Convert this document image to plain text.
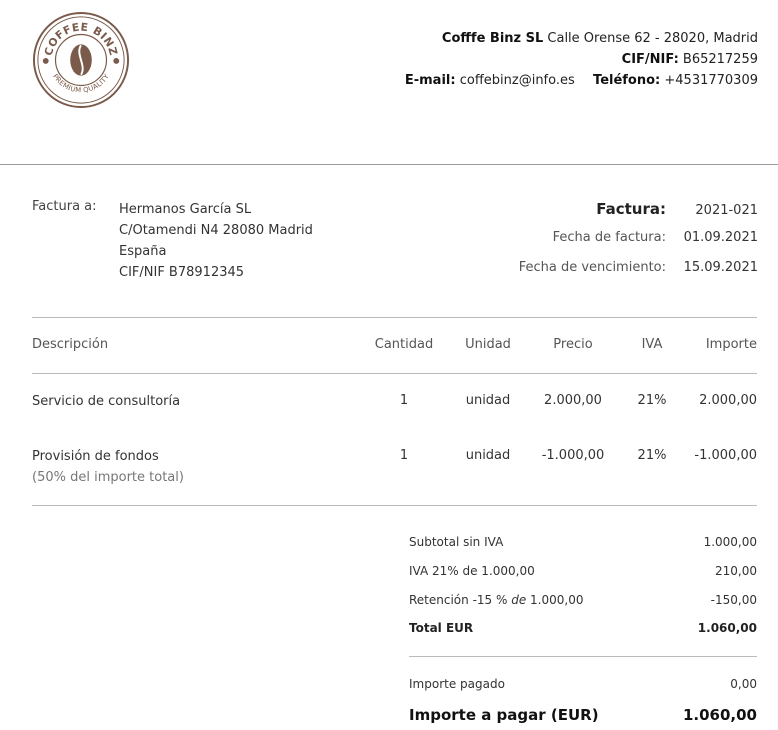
COFFEE BINZ
PREMIUM QUALITY
Cofffe Binz SL Calle Orense 62 - 28020, Madrid
CIF/NIF: B65217259
E-mail: coffebinz@info.es Teléfono: +4531770309
Factura a: Hermanos García SL
C/Otamendi N4 28080 Madrid
España
CIF/NIF B78912345
Factura:	2021-021
Fecha de factura:	01.09.2021
Fecha de vencimiento:	15.09.2021
Descripción	Cantidad	Unidad	Precio	IVA	Importe
Servicio de consultoría	1	unidad	2.000,00	21%	2.000,00
Provisión de fondos
(50% del importe total)
1	unidad	-1.000,00	21%	-1.000,00
Subtotal sin IVA	1.000,00
IVA 21% de 1.000,00	210,00
Retención -15 % de 1.000,00	-150,00
Total EUR	1.060,00
Importe pagado	0,00
Importe a pagar (EUR)	1.060,00
